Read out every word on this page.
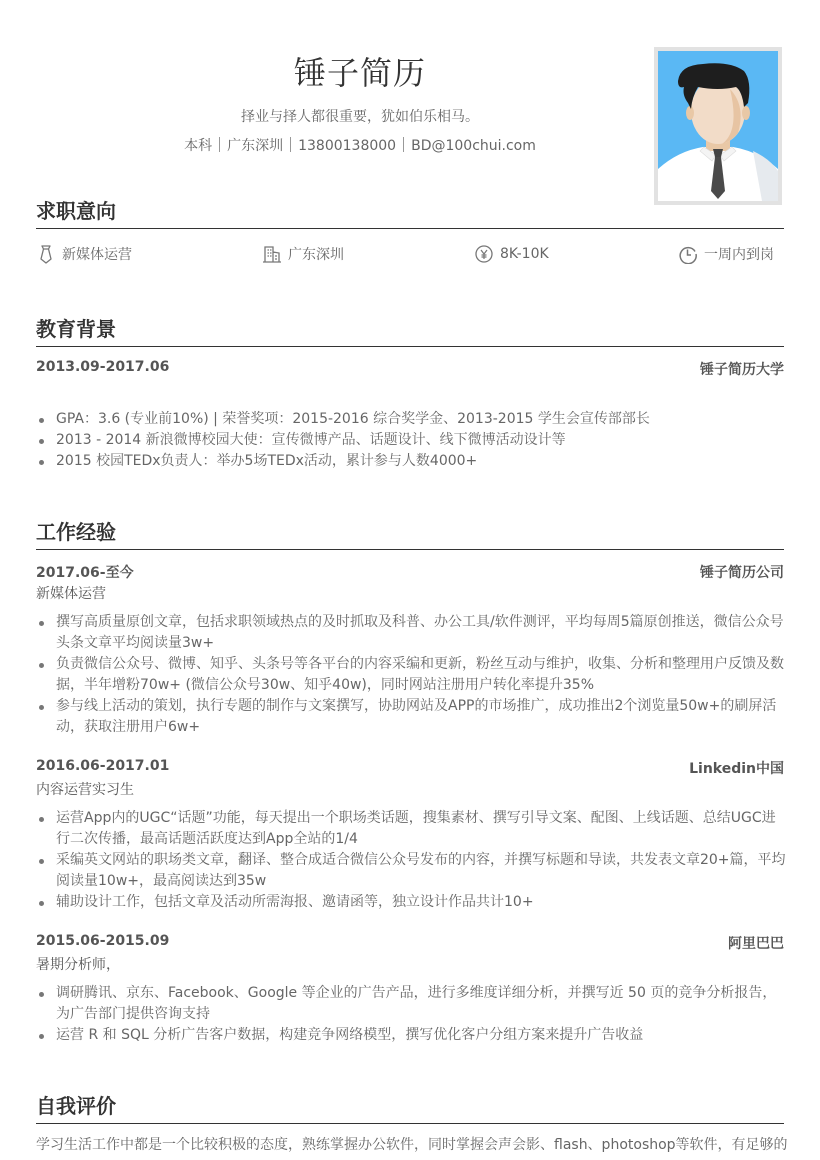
锤子简历
择业与择人都很重要，犹如伯乐相马。
本科 广东深圳 13800138000 BD@100chui.com
求职意向
新媒体运营	广东深圳	8K-10K	一周内到岗
教育背景
2013.09-2017.06	锤子简历大学
GPA：3.6 (专业前10%) | 荣誉奖项：2015-2016 综合奖学金、2013-2015 学生会宣传部部长
2013 - 2014 新浪微博校园大使：宣传微博产品、话题设计、线下微博活动设计等
2015 校园TEDx负责人：举办5场TEDx活动，累计参与人数4000+
工作经验
2017.06-至今	锤子简历公司
新媒体运营
撰写高质量原创文章，包括求职领域热点的及时抓取及科普、办公工具/软件测评，平均每周5篇原创推送，微信公众号头条文章平均阅读量3w+
负责微信公众号、微博、知乎、头条号等各平台的内容采编和更新，粉丝互动与维护，收集、分析和整理用户反馈及数据，半年增粉70w+ (微信公众号30w、知乎40w)，同时网站注册用户转化率提升35%
参与线上活动的策划，执行专题的制作与文案撰写，协助网站及APP的市场推广，成功推出2个浏览量50w+的刷屏活动，获取注册用户6w+
2016.06-2017.01	Linkedin中国
内容运营实习生
运营App内的UGC“话题”功能，每天提出一个职场类话题，搜集素材、撰写引导文案、配图、上线话题、总结UGC进行二次传播，最高话题活跃度达到App全站的1/4
采编英文网站的职场类文章，翻译、整合成适合微信公众号发布的内容，并撰写标题和导读，共发表文章20+篇，平均阅读量10w+，最高阅读达到35w
辅助设计工作，包括文章及活动所需海报、邀请函等，独立设计作品共计10+
2015.06-2015.09	阿里巴巴
暑期分析师，
调研腾讯、京东、Facebook、Google 等企业的广告产品，进行多维度详细分析，并撰写近 50 页的竞争分析报告，为广告部门提供咨询支持
运营 R 和 SQL 分析广告客户数据，构建竞争网络模型，撰写优化客户分组方案来提升广告收益
自我评价
学习生活工作中都是一个比较积极的态度，熟练掌握办公软件，同时掌握会声会影、flash、photoshop等软件，有足够的
